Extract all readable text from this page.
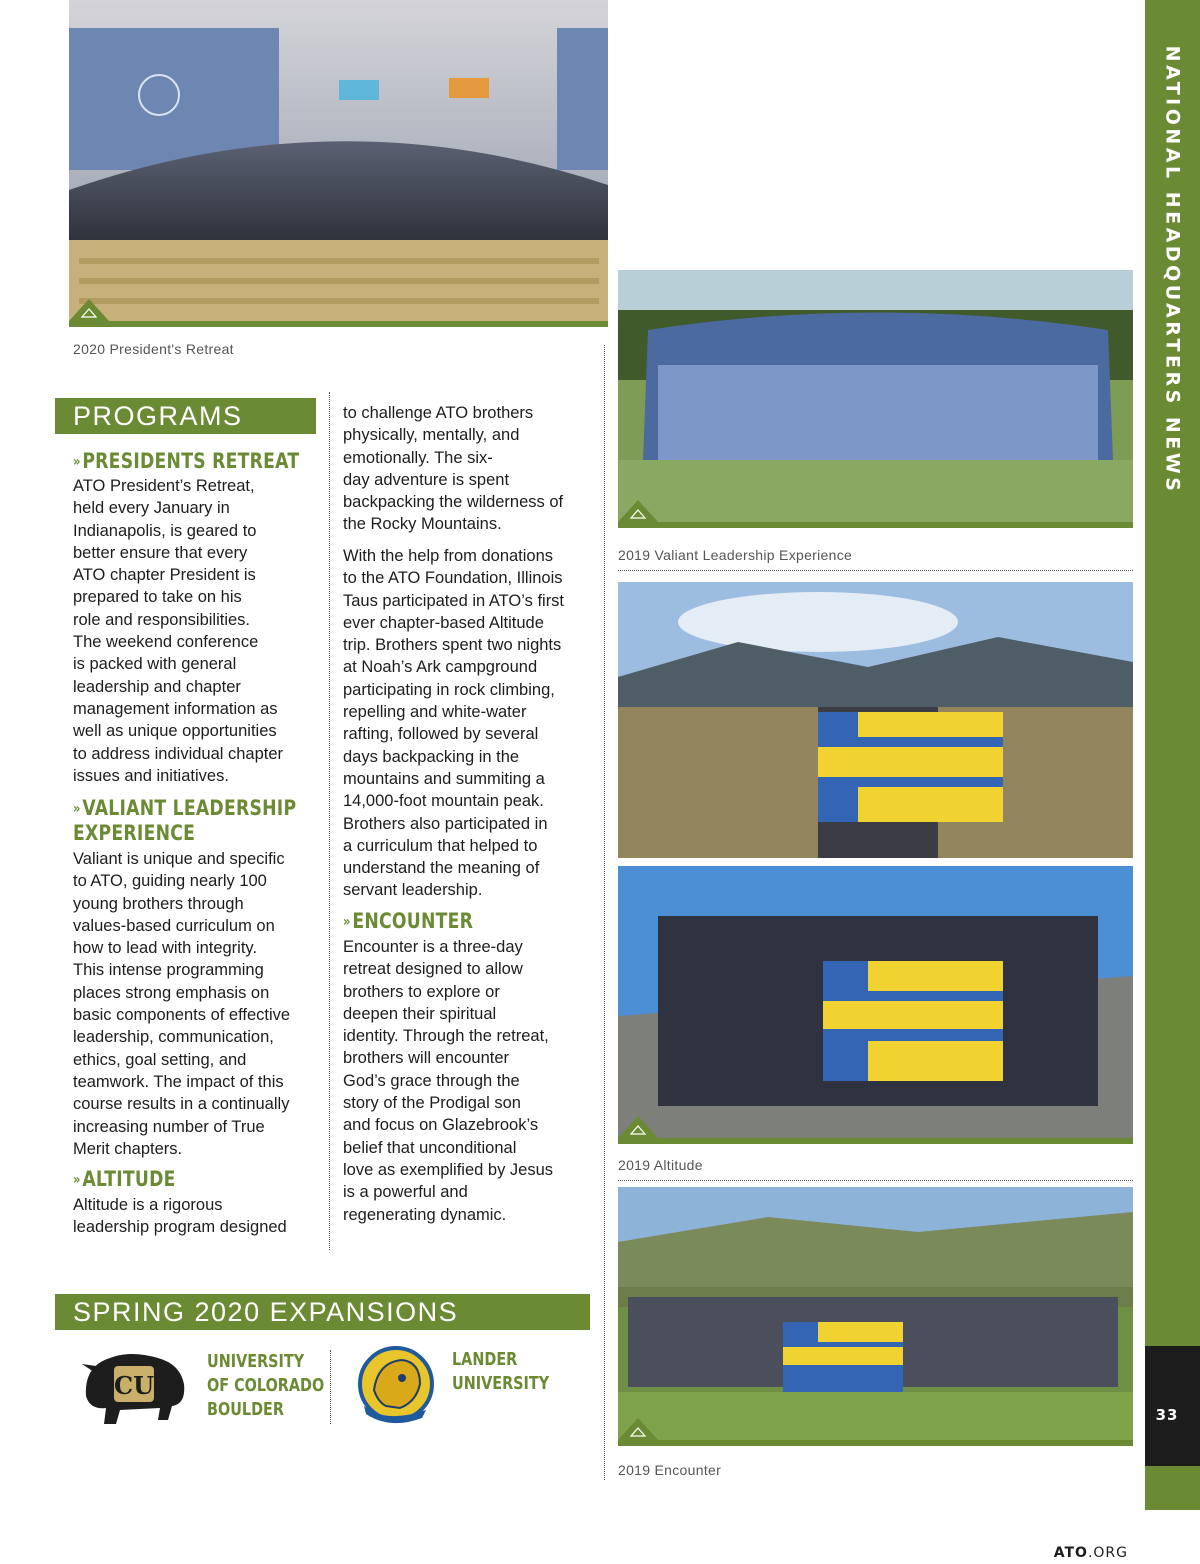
NATIONAL HEADQUARTERS NEWS
33
ATO.ORG
2020 President's Retreat
2019 Valiant Leadership Experience
2019 Altitude
2019 Encounter
PROGRAMS
»PRESIDENTS RETREAT
ATO President’s Retreat,
held every January in
Indianapolis, is geared to
better ensure that every
ATO chapter President is
prepared to take on his
role and responsibilities.
The weekend conference
is packed with general
leadership and chapter
management information as
well as unique opportunities
to address individual chapter
issues and initiatives.
»VALIANT LEADERSHIP
EXPERIENCE
Valiant is unique and specific
to ATO, guiding nearly 100
young brothers through
values-based curriculum on
how to lead with integrity.
This intense programming
places strong emphasis on
basic components of effective
leadership, communication,
ethics, goal setting, and
teamwork. The impact of this
course results in a continually
increasing number of True
Merit chapters.
»ALTITUDE
Altitude is a rigorous
leadership program designed
to challenge ATO brothers
physically, mentally, and
emotionally. The six-
day adventure is spent
backpacking the wilderness of
the Rocky Mountains.
With the help from donations
to the ATO Foundation, Illinois
Taus participated in ATO’s first
ever chapter-based Altitude
trip. Brothers spent two nights
at Noah’s Ark campground
participating in rock climbing,
repelling and white-water
rafting, followed by several
days backpacking in the
mountains and summiting a
14,000-foot mountain peak.
Brothers also participated in
a curriculum that helped to
understand the meaning of
servant leadership.
»ENCOUNTER
Encounter is a three-day
retreat designed to allow
brothers to explore or
deepen their spiritual
identity. Through the retreat,
brothers will encounter
God’s grace through the
story of the Prodigal son
and focus on Glazebrook’s
belief that unconditional
love as exemplified by Jesus
is a powerful and
regenerating dynamic.
SPRING 2020 EXPANSIONS
CU
UNIVERSITY
OF COLORADO
BOULDER
LANDER
UNIVERSITY
